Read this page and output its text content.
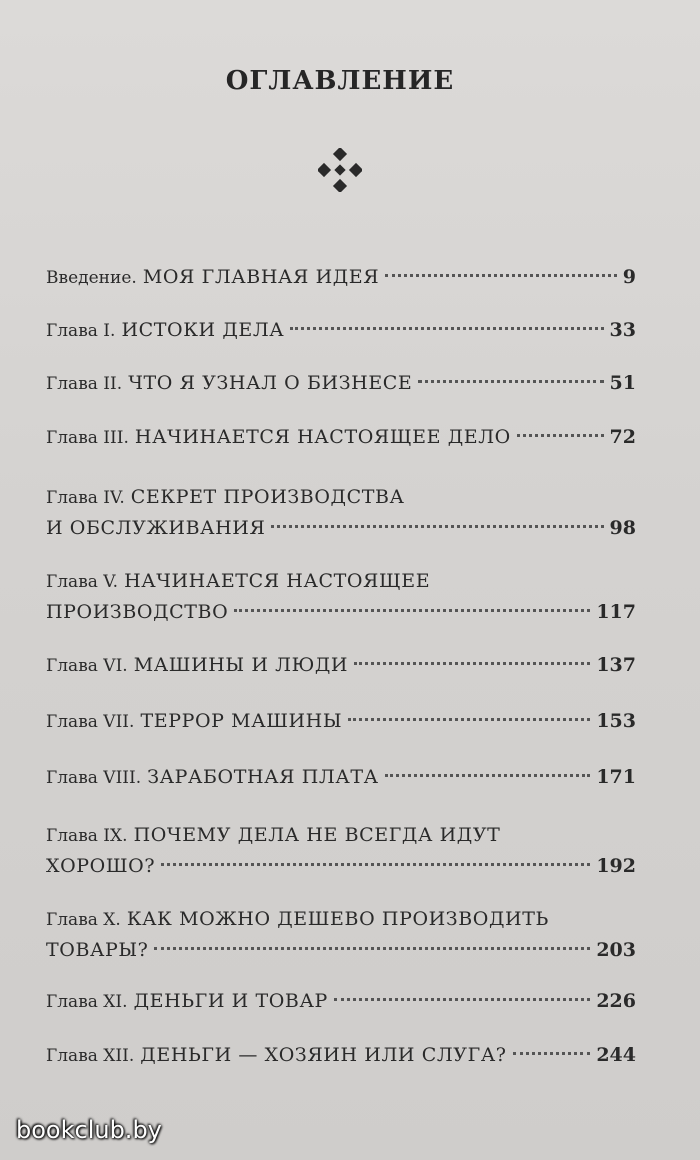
ОГЛАВЛЕНИЕ
Введение. МОЯ ГЛАВНАЯ ИДЕЯ	9
Глава I. ИСТОКИ ДЕЛА	33
Глава II. ЧТО Я УЗНАЛ О БИЗНЕСЕ	51
Глава III. НАЧИНАЕТСЯ НАСТОЯЩЕЕ ДЕЛО	72
Глава IV. СЕКРЕТ ПРОИЗВОДСТВА
И ОБСЛУЖИВАНИЯ	98
Глава V. НАЧИНАЕТСЯ НАСТОЯЩЕЕ
ПРОИЗВОДСТВО	117
Глава VI. МАШИНЫ И ЛЮДИ	137
Глава VII. ТЕРРОР МАШИНЫ	153
Глава VIII. ЗАРАБОТНАЯ ПЛАТА	171
Глава IX. ПОЧЕМУ ДЕЛА НЕ ВСЕГДА ИДУТ
ХОРОШО?	192
Глава X. КАК МОЖНО ДЕШЕВО ПРОИЗВОДИТЬ
ТОВАРЫ?	203
Глава XI. ДЕНЬГИ И ТОВАР	226
Глава XII. ДЕНЬГИ — ХОЗЯИН ИЛИ СЛУГА?	244
bookclub.by
